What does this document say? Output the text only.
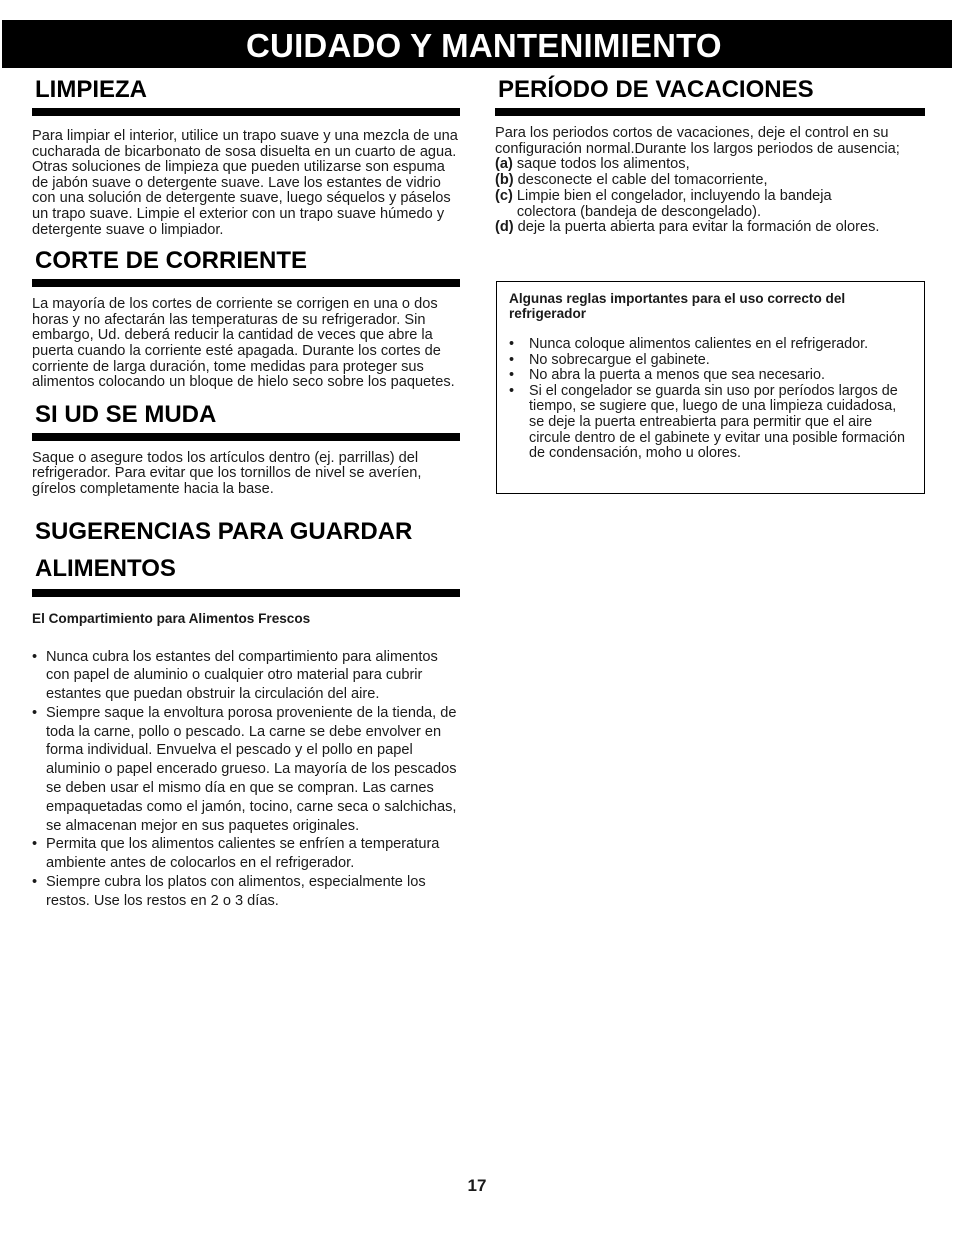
CUIDADO Y MANTENIMIENTO
LIMPIEZA

Para limpiar el interior, utilice un trapo suave y una mezcla de una cucharada de bicarbonato de sosa disuelta en un cuarto de agua. Otras soluciones de limpieza que pueden utilizarse son espuma de jabón suave o detergente suave. Lave los estantes de vidrio con una solución de detergente suave, luego séquelos y páselos un trapo suave. Limpie el exterior con un trapo suave húmedo y detergente suave o limpiador.

CORTE DE CORRIENTE

La mayoría de los cortes de corriente se corrigen en una o dos horas y no afectarán las temperaturas de su refrigerador. Sin embargo, Ud. deberá reducir la cantidad de veces que abre la puerta cuando la corriente esté apagada. Durante los cortes de corriente de larga duración, tome medidas para proteger sus alimentos colocando un bloque de hielo seco sobre los paquetes.

SI UD SE MUDA

Saque o asegure todos los artículos dentro (ej. parrillas) del refrigerador. Para evitar que los tornillos de nivel se averíen, gírelos completamente hacia la base.

SUGERENCIAS PARA GUARDAR
ALIMENTOS
El Compartimiento para Alimentos Frescos
• Nunca cubra los estantes del compartimiento para alimentos con papel de aluminio o cualquier otro material para cubrir estantes que puedan obstruir la circulación del aire.
• Siempre saque la envoltura porosa proveniente de la tienda, de toda la carne, pollo o pescado. La carne se debe envolver en forma individual. Envuelva el pescado y el pollo en papel aluminio o papel encerado grueso. La mayoría de los pescados se deben usar el mismo día en que se compran. Las carnes empaquetadas como el jamón, tocino, carne seca o salchichas, se almacenan mejor en sus paquetes originales.
• Permita que los alimentos calientes se enfríen a temperatura ambiente antes de colocarlos en el refrigerador.
• Siempre cubra los platos con alimentos, especialmente los restos. Use los restos en 2 o 3 días.
PERÍODO DE VACACIONES

Para los periodos cortos de vacaciones, deje el control en su configuración normal.Durante los largos periodos de ausencia;

(a) saque todos los alimentos,
(b) desconecte el cable del tomacorriente,
(c) Limpie bien el congelador, incluyendo la bandeja colectora (bandeja de descongelado).
(d) deje la puerta abierta para evitar la formación de olores.
Algunas reglas importantes para el uso correcto del refrigerador
• Nunca coloque alimentos calientes en el refrigerador.
• No sobrecargue el gabinete.
• No abra la puerta a menos que sea necesario.
• Si el congelador se guarda sin uso por períodos largos de tiempo, se sugiere que, luego de una limpieza cuidadosa, se deje la puerta entreabierta para permitir que el aire circule dentro de el gabinete y evitar una posible formación de condensación, moho u olores.
17
